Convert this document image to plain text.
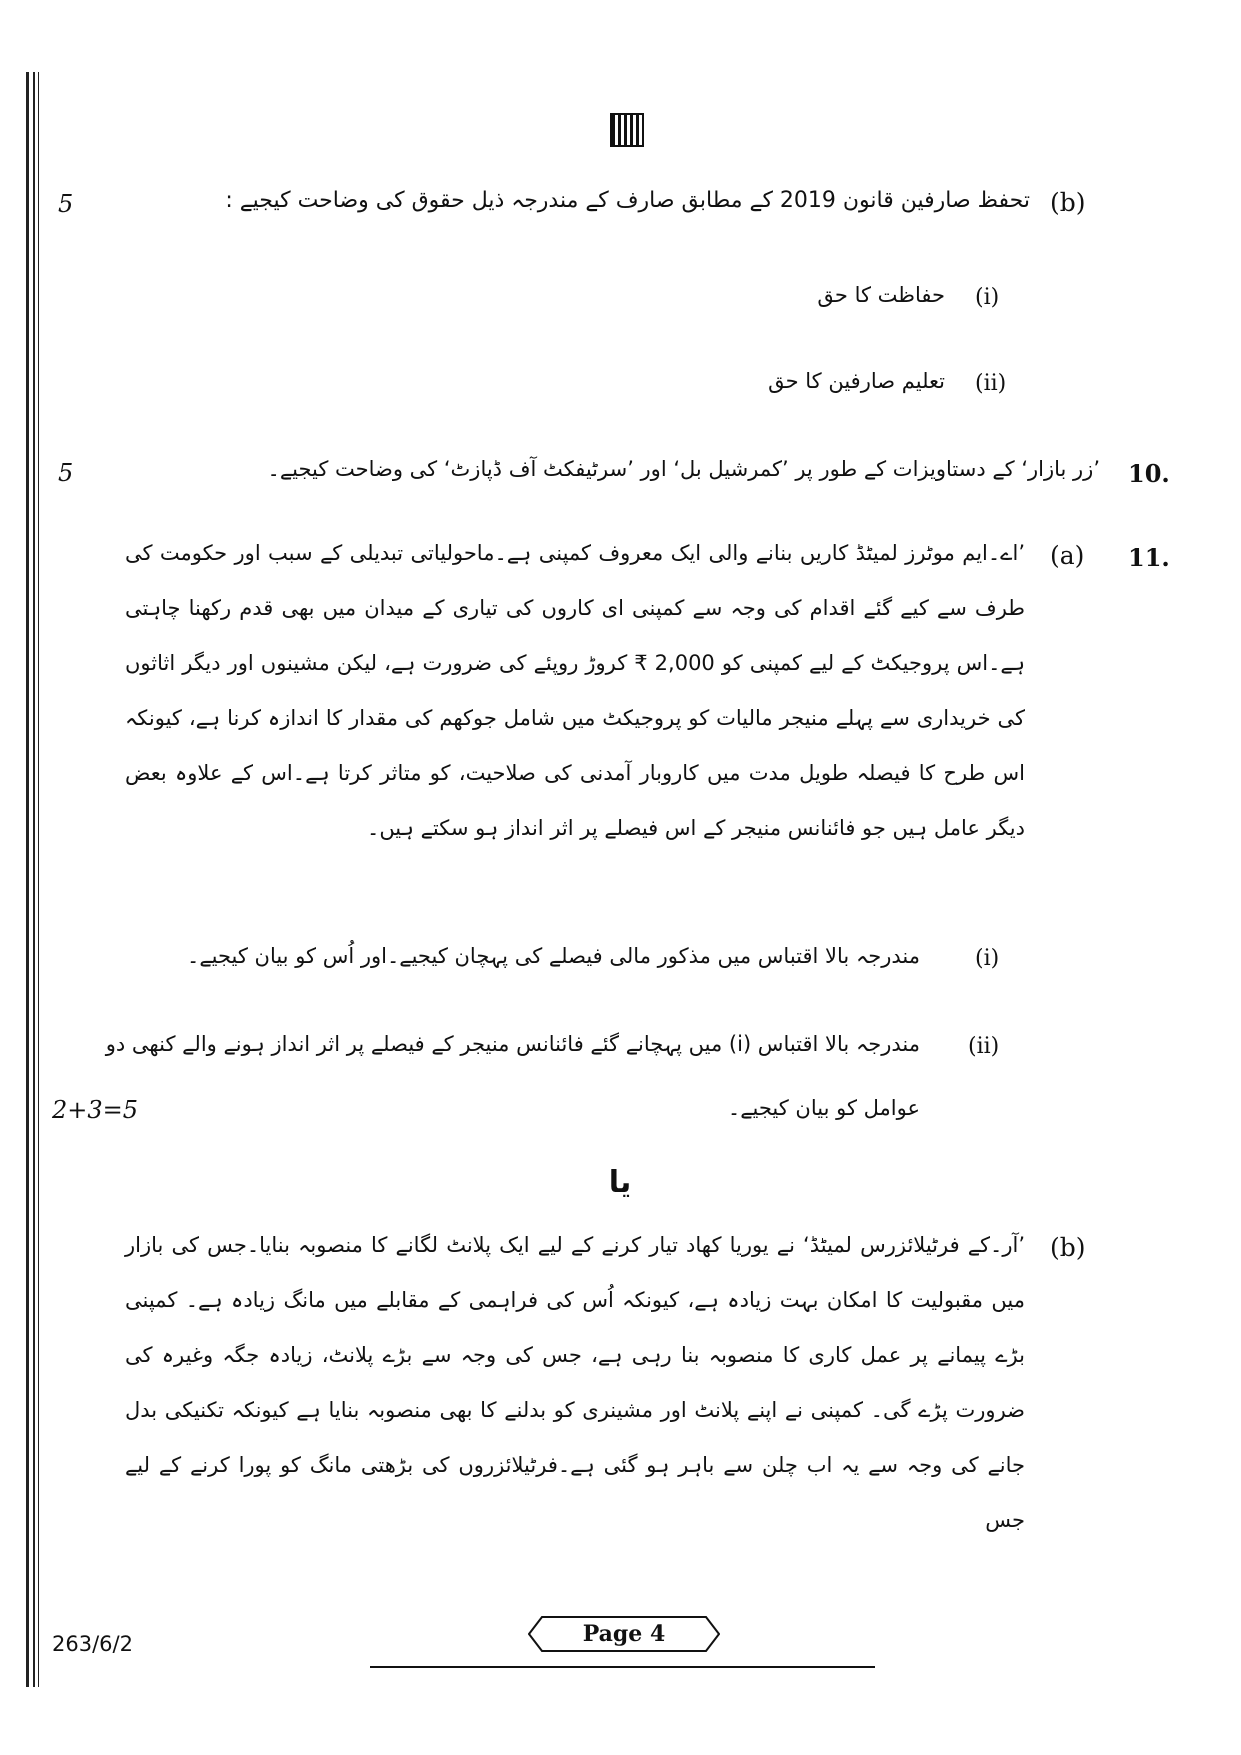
5	(b)
تحفظ صارفین قانون 2019 کے مطابق صارف کے مندرجہ ذیل حقوق کی وضاحت کیجیے :
(i)
حفاظت کا حق
(ii)
تعلیم صارفین کا حق
5	10.
’زر بازار‘ کے دستاویزات کے طور پر ’کمرشیل بل‘ اور ’سرٹیفکٹ آف ڈپازٹ‘ کی وضاحت کیجیے۔
11.
(a)
’اے۔ایم موٹرز لمیٹڈ کاریں بنانے والی ایک معروف کمپنی ہے۔ماحولیاتی تبدیلی کے سبب اور حکومت کی طرف سے کیے گئے اقدام کی وجہ سے کمپنی ای کاروں کی تیاری کے میدان میں بھی قدم رکھنا چاہتی ہے۔اس پروجیکٹ کے لیے کمپنی کو 2,000 ₹ کروڑ روپئے کی ضرورت ہے، لیکن مشینوں اور دیگر اثاثوں کی خریداری سے پہلے منیجر مالیات کو پروجیکٹ میں شامل جوکھم کی مقدار کا اندازہ کرنا ہے، کیونکہ اس طرح کا فیصلہ طویل مدت میں کاروبار آمدنی کی صلاحیت، کو متاثر کرتا ہے۔اس کے علاوہ بعض دیگر عامل ہیں جو فائنانس منیجر کے اس فیصلے پر اثر انداز ہو سکتے ہیں۔
(i)
مندرجہ بالا اقتباس میں مذکور مالی فیصلے کی پہچان کیجیے۔اور اُس کو بیان کیجیے۔
(ii)
مندرجہ بالا اقتباس (i) میں پہچانے گئے فائنانس منیجر کے فیصلے پر اثر انداز ہونے والے کنھی دو
عوامل کو بیان کیجیے۔
2+3=5
یا
(b)
’آر۔کے فرٹیلائزرس لمیٹڈ‘ نے یوریا کھاد تیار کرنے کے لیے ایک پلانٹ لگانے کا منصوبہ بنایا۔جس کی بازار میں مقبولیت کا امکان بہت زیادہ ہے، کیونکہ اُس کی فراہمی کے مقابلے میں مانگ زیادہ ہے۔ کمپنی بڑے پیمانے پر عمل کاری کا منصوبہ بنا رہی ہے، جس کی وجہ سے بڑے پلانٹ، زیادہ جگہ وغیرہ کی ضرورت پڑے گی۔ کمپنی نے اپنے پلانٹ اور مشینری کو بدلنے کا بھی منصوبہ بنایا ہے کیونکہ تکنیکی بدل جانے کی وجہ سے یہ اب چلن سے باہر ہو گئی ہے۔فرٹیلائزروں کی بڑھتی مانگ کو پورا کرنے کے لیے جس
263/6/2	Page 4
